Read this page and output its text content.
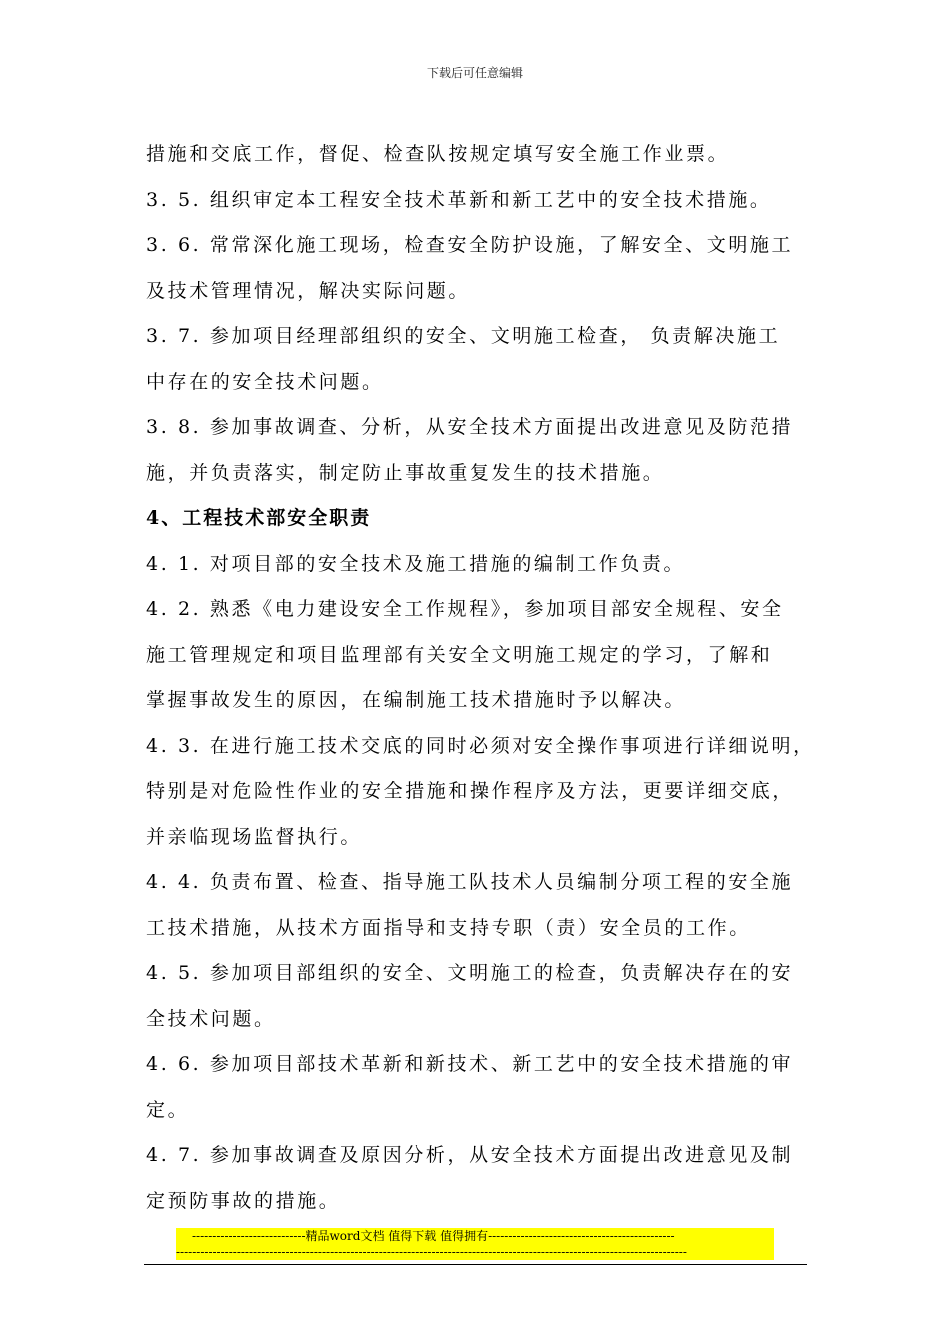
下载后可任意编辑
措施和交底工作，督促、检查队按规定填写安全施工作业票。
3. 5. 组织审定本工程安全技术革新和新工艺中的安全技术措施。
3. 6. 常常深化施工现场，检查安全防护设施，了解安全、文明施工
及技术管理情况，解决实际问题。
3. 7. 参加项目经理部组织的安全、文明施工检查， 负责解决施工
中存在的安全技术问题。
3. 8. 参加事故调查、分析，从安全技术方面提出改进意见及防范措
施，并负责落实，制定防止事故重复发生的技术措施。
4、工程技术部安全职责
4. 1. 对项目部的安全技术及施工措施的编制工作负责。
4. 2. 熟悉《电力建设安全工作规程》，参加项目部安全规程、安全
施工管理规定和项目监理部有关安全文明施工规定的学习，了解和
掌握事故发生的原因，在编制施工技术措施时予以解决。
4. 3. 在进行施工技术交底的同时必须对安全操作事项进行详细说明，
特别是对危险性作业的安全措施和操作程序及方法，更要详细交底，
并亲临现场监督执行。
4. 4. 负责布置、检查、指导施工队技术人员编制分项工程的安全施
工技术措施，从技术方面指导和支持专职（责）安全员的工作。
4. 5. 参加项目部组织的安全、文明施工的检查，负责解决存在的安
全技术问题。
4. 6. 参加项目部技术革新和新技术、新工艺中的安全技术措施的审
定。
4. 7. 参加事故调查及原因分析，从安全技术方面提出改进意见及制
定预防事故的措施。
----------------------------精品word文档 值得下载 值得拥有----------------------------------------------
------------------------------------------------------------------------------------------------------------------------------
